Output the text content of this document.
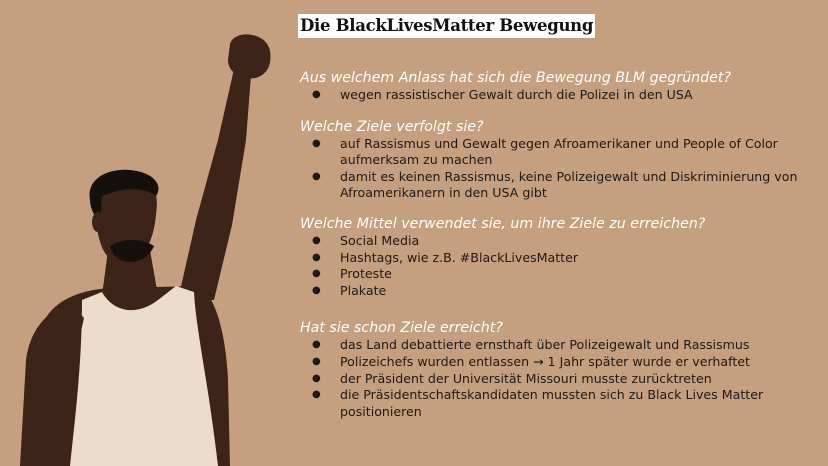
Die BlackLivesMatter Bewegung

Aus welchem Anlass hat sich die Bewegung BLM gegründet?

● wegen rassistischer Gewalt durch die Polizei in den USA

Welche Ziele verfolgt sie?

● auf Rassismus und Gewalt gegen Afroamerikaner und People of Color aufmerksam zu machen
● damit es keinen Rassismus, keine Polizeigewalt und Diskriminierung von Afroamerikanern in den USA gibt

Welche Mittel verwendet sie, um ihre Ziele zu erreichen?

● Social Media
● Hashtags, wie z.B. #BlackLivesMatter
● Proteste
● Plakate

Hat sie schon Ziele erreicht?

● das Land debattierte ernsthaft über Polizeigewalt und Rassismus
● Polizeichefs wurden entlassen → 1 Jahr später wurde er verhaftet
● der Präsident der Universität Missouri musste zurücktreten
● die Präsidentschaftskandidaten mussten sich zu Black Lives Matter positionieren
